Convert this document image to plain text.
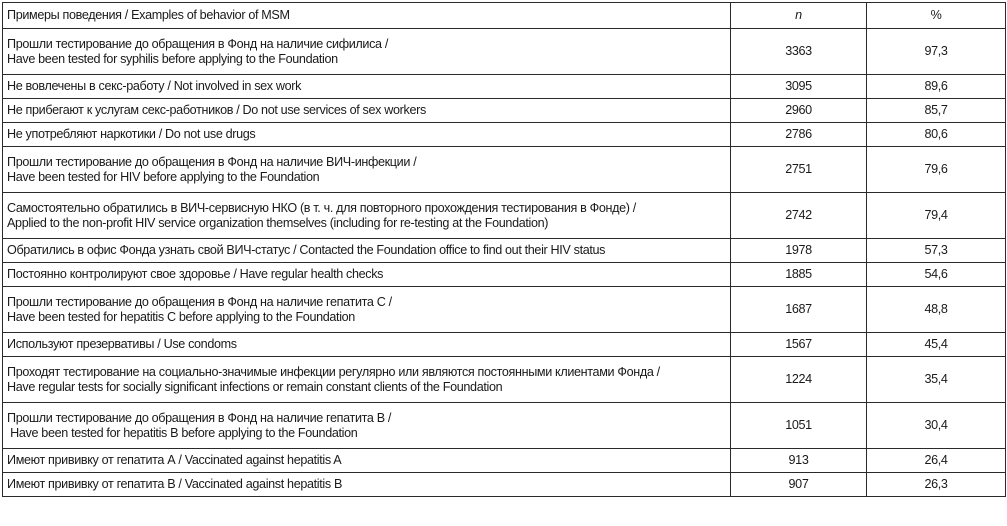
Примеры поведения / Examples of behavior of MSM	n	%

Прошли тестирование до обращения в Фонд на наличие сифилиса /
Have been tested for syphilis before applying to the Foundation	3363	97,3

Не вовлечены в секс-работу / Not involved in sex work	3095	89,6

Не прибегают к услугам секс-работников / Do not use services of sex workers	2960	85,7

Не употребляют наркотики / Do not use drugs	2786	80,6

Прошли тестирование до обращения в Фонд на наличие ВИЧ-инфекции /
Have been tested for HIV before applying to the Foundation	2751	79,6

Самостоятельно обратились в ВИЧ-сервисную НКО (в т. ч. для повторного прохождения тестирования в Фонде) /
Applied to the non-profit HIV service organization themselves (including for re-testing at the Foundation)	2742	79,4

Обратились в офис Фонда узнать свой ВИЧ-статус / Contacted the Foundation office to find out their HIV status	1978	57,3

Постоянно контролируют свое здоровье / Have regular health checks	1885	54,6

Прошли тестирование до обращения в Фонд на наличие гепатита С /
Have been tested for hepatitis C before applying to the Foundation	1687	48,8

Используют презервативы / Use condoms	1567	45,4

Проходят тестирование на социально-значимые инфекции регулярно или являются постоянными клиентами Фонда /
Have regular tests for socially significant infections or remain constant clients of the Foundation	1224	35,4

Прошли тестирование до обращения в Фонд на наличие гепатита В /
Have been tested for hepatitis B before applying to the Foundation	1051	30,4

Имеют прививку от гепатита А / Vaccinated against hepatitis A	913	26,4

Имеют прививку от гепатита В / Vaccinated against hepatitis B	907	26,3
